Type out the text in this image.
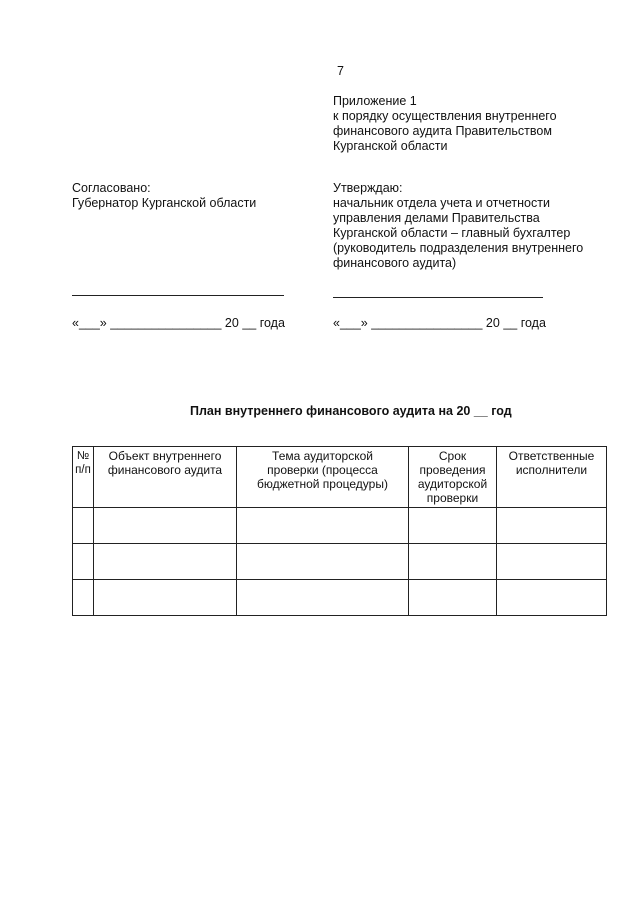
7
Приложение 1
к порядку осуществления внутреннего
финансового аудита Правительством
Курганской области
Согласовано:
Губернатор Курганской области
«___» ________________ 20 __ года
Утверждаю:
начальник отдела учета и отчетности
управления делами Правительства
Курганской области – главный бухгалтер
(руководитель подразделения внутреннего
финансового аудита)
«___» ________________ 20 __ года
План внутреннего финансового аудита на 20 __ год
№ п/п	Объект внутреннего финансового аудита	Тема аудиторской проверки (процесса бюджетной процедуры)	Срок проведения аудиторской проверки	Ответственные исполнители
